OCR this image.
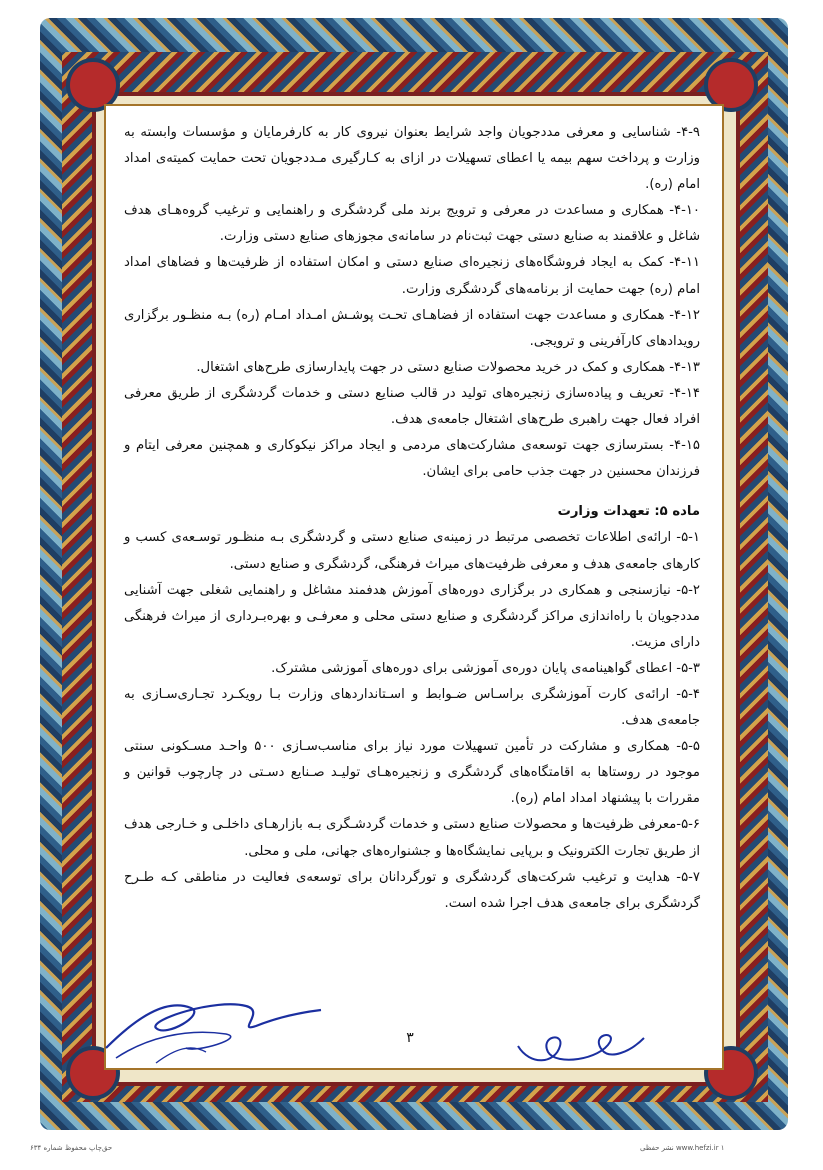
۴-۹- شناسایی و معرفی مددجویان واجد شرایط بعنوان نیروی کار به کارفرمایان و مؤسسات وابسته به وزارت و پرداخت سهم بیمه یا اعطای تسهیلات در ازای به کـارگیری مـددجویان تحت حمایت کمیته‌ی امداد امام (ره).

۴-۱۰- همکاری و مساعدت در معرفی و ترویج برند ملی گردشگری و راهنمایی و ترغیب گروه‌هـای هدف شاغل و علاقمند به صنایع دستی جهت ثبت‌نام در سامانه‌ی مجوزهای صنایع دستی وزارت.

۴-۱۱- کمک به ایجاد فروشگاه‌های زنجیره‌ای صنایع دستی و امکان استفاده از ظرفیت‌ها و فضاهای امداد امام (ره) جهت حمایت از برنامه‌های گردشگری وزارت.

۴-۱۲- همکاری و مساعدت جهت استفاده از فضاهـای تحـت پوشـش امـداد امـام (ره) بـه منظـور برگزاری رویدادهای کارآفرینی و ترویجی.

۴-۱۳- همکاری و کمک در خرید محصولات صنایع دستی در جهت پایدارسازی طرح‌های اشتغال.

۴-۱۴- تعریف و پیاده‌سازی زنجیره‌های تولید در قالب صنایع دستی و خدمات گردشگری از طریق معرفی افراد فعال جهت راهبری طرح‌های اشتغال جامعه‌ی هدف.

۴-۱۵- بسترسازی جهت توسعه‌ی مشارکت‌های مردمی و ایجاد مراکز نیکوکاری و همچنین معرفی ایتام و فرزندان محسنین در جهت جذب حامی برای ایشان.

ماده ۵: تعهدات وزارت

۵-۱- ارائه‌ی اطلاعات تخصصی مرتبط در زمینه‌ی صنایع دستی و گردشگری بـه منظـور توسـعه‌ی کسب و کارهای جامعه‌ی هدف و معرفی ظرفیت‌های میراث فرهنگی، گردشگری و صنایع دستی.

۵-۲- نیازسنجی و همکاری در برگزاری دوره‌های آموزش هدفمند مشاغل و راهنمایی شغلی جهت آشنایی مددجویان با راه‌اندازی مراکز گردشگری و صنایع دستی محلی و معرفـی و بهره‌بـرداری از میراث فرهنگی دارای مزیت.

۵-۳- اعطای گواهینامه‌ی پایان دوره‌ی آموزشی برای دوره‌های آموزشی مشترک.

۵-۴- ارائه‌ی کارت آموزشگری براسـاس ضـوابط و اسـتانداردهای وزارت بـا رویکـرد تجـاری‌سـازی به جامعه‌ی هدف.

۵-۵- همکاری و مشارکت در تأمین تسهیلات مورد نیاز برای مناسب‌سـازی ۵۰۰ واحـد مسـکونی سنتی موجود در روستاها به اقامتگاه‌های گردشگری و زنجیره‌هـای تولیـد صـنایع دسـتی در چارچوب قوانین و مقررات با پیشنهاد امداد امام (ره).

۵-۶-معرفی ظرفیت‌ها و محصولات صنایع دستی و خدمات گردشـگری بـه بازارهـای داخلـی و خـارجی هدف از طریق تجارت الکترونیک و برپایی نمایشگاه‌ها و جشنواره‌های جهانی، ملی و محلی.

۵-۷- هدایت و ترغیب شرکت‌های گردشگری و تورگردانان برای توسعه‌ی فعالیت در مناطقی کـه طـرح گردشگری برای جامعه‌ی هدف اجرا شده است.

۳
www.hefzi.ir ۱ نشر حفظی
حق‌چاپ محفوظ شماره ۶۳۴
